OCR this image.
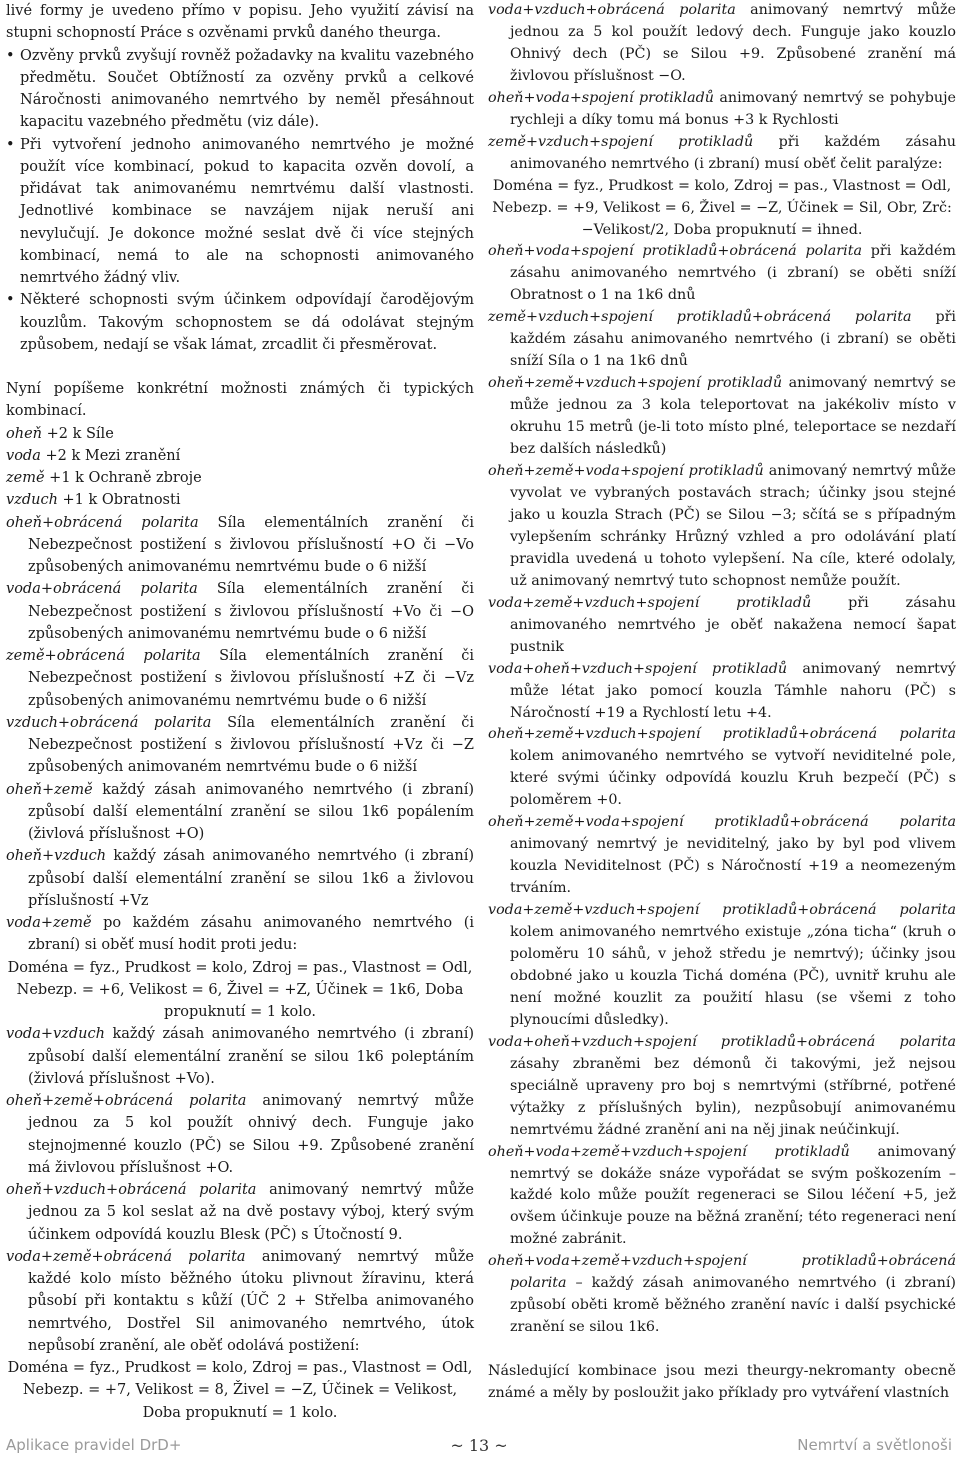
livé formy je uvedeno přímo v popisu. Jeho využití závisí na stupni schopností Práce s ozvěnami prvků daného theurga.

• Ozvěny prvků zvyšují rovněž požadavky na kvalitu vazebného předmětu. Součet Obtížností za ozvěny prvků a celkové Náročnosti animovaného nemrtvého by neměl přesáhnout kapacitu vazebného předmětu (viz dále).

• Při vytvoření jednoho animovaného nemrtvého je možné použít více kombinací, pokud to kapacita ozvěn dovolí, a přidávat tak animovanému nemrtvému další vlastnosti. Jednotlivé kombinace se navzájem nijak neruší ani nevylučují. Je dokonce možné seslat dvě či více stejných kombinací, nemá to ale na schopnosti animovaného nemrtvého žádný vliv.

• Některé schopnosti svým účinkem odpovídají čarodějovým kouzlům. Takovým schopnostem se dá odolávat stejným způsobem, nedají se však lámat, zrcadlit či přesměrovat.

Nyní popíšeme konkrétní možnosti známých či typických kombinací.

oheň +2 k Síle

voda +2 k Mezi zranění

země +1 k Ochraně zbroje

vzduch +1 k Obratnosti

oheň+obrácená polarita Síla elementálních zranění či Nebezpečnost postižení s živlovou příslušností +O či −Vo způsobených animovanému nemrtvému bude o 6 nižší

voda+obrácená polarita Síla elementálních zranění či Nebezpečnost postižení s živlovou příslušností +Vo či −O způsobených animovanému nemrtvému bude o 6 nižší

země+obrácená polarita Síla elementálních zranění či Nebezpečnost postižení s živlovou příslušností +Z či −Vz způsobených animovanému nemrtvému bude o 6 nižší

vzduch+obrácená polarita Síla elementálních zranění či Nebezpečnost postižení s živlovou příslušností +Vz či −Z způsobených animovaném nemrtvému bude o 6 nižší

oheň+země každý zásah animovaného nemrtvého (i zbraní) způsobí další elementální zranění se silou 1k6 popálením (živlová příslušnost +O)

oheň+vzduch každý zásah animovaného nemrtvého (i zbraní) způsobí další elementální zranění se silou 1k6 a živlovou příslušností +Vz

voda+země po každém zásahu animovaného nemrtvého (i zbraní) si oběť musí hodit proti jedu:

Doména = fyz., Prudkost = kolo, Zdroj = pas., Vlastnost = Odl, Nebezp. = +6, Velikost = 6, Živel = +Z, Účinek = 1k6, Doba propuknutí = 1 kolo.

voda+vzduch každý zásah animovaného nemrtvého (i zbraní) způsobí další elementální zranění se silou 1k6 poleptáním (živlová příslušnost +Vo).

oheň+země+obrácená polarita animovaný nemrtvý může jednou za 5 kol použít ohnivý dech. Funguje jako stejnojmenné kouzlo (PČ) se Silou +9. Způsobené zranění má živlovou příslušnost +O.

oheň+vzduch+obrácená polarita animovaný nemrtvý může jednou za 5 kol seslat až na dvě postavy výboj, který svým účinkem odpovídá kouzlu Blesk (PČ) s Útočností 9.

voda+země+obrácená polarita animovaný nemrtvý může každé kolo místo běžného útoku plivnout žíravinu, která působí při kontaktu s kůží (ÚČ 2 + Střelba animovaného nemrtvého, Dostřel Sil animovaného nemrtvého, útok nepůsobí zranění, ale oběť odolává postižení:

Doména = fyz., Prudkost = kolo, Zdroj = pas., Vlastnost = Odl, Nebezp. = +7, Velikost = 8, Živel = −Z, Účinek = Velikost, Doba propuknutí = 1 kolo.

voda+vzduch+obrácená polarita animovaný nemrtvý může jednou za 5 kol použít ledový dech. Funguje jako kouzlo Ohnivý dech (PČ) se Silou +9. Způsobené zranění má živlovou příslušnost −O.

oheň+voda+spojení protikladů animovaný nemrtvý se pohybuje rychleji a díky tomu má bonus +3 k Rychlosti

země+vzduch+spojení protikladů při každém zásahu animovaného nemrtvého (i zbraní) musí oběť čelit paralýze:

Doména = fyz., Prudkost = kolo, Zdroj = pas., Vlastnost = Odl, Nebezp. = +9, Velikost = 6, Živel = −Z, Účinek = Sil, Obr, Zrč: −Velikost/2, Doba propuknutí = ihned.

oheň+voda+spojení protikladů+obrácená polarita při každém zásahu animovaného nemrtvého (i zbraní) se oběti sníží Obratnost o 1 na 1k6 dnů

země+vzduch+spojení protikladů+obrácená polarita při každém zásahu animovaného nemrtvého (i zbraní) se oběti sníží Síla o 1 na 1k6 dnů

oheň+země+vzduch+spojení protikladů animovaný nemrtvý se může jednou za 3 kola teleportovat na jakékoliv místo v okruhu 15 metrů (je-li toto místo plné, teleportace se nezdaří bez dalších následků)

oheň+země+voda+spojení protikladů animovaný nemrtvý může vyvolat ve vybraných postavách strach; účinky jsou stejné jako u kouzla Strach (PČ) se Silou −3; sčítá se s případným vylepšením schránky Hrůzný vzhled a pro odolávání platí pravidla uvedená u tohoto vylepšení. Na cíle, které odolaly, už animovaný nemrtvý tuto schopnost nemůže použít.

voda+země+vzduch+spojení protikladů při zásahu animovaného nemrtvého je oběť nakažena nemocí šapat pustnik

voda+oheň+vzduch+spojení protikladů animovaný nemrtvý může létat jako pomocí kouzla Támhle nahoru (PČ) s Náročností +19 a Rychlostí letu +4.

oheň+země+vzduch+spojení protikladů+obrácená polarita kolem animovaného nemrtvého se vytvoří neviditelné pole, které svými účinky odpovídá kouzlu Kruh bezpečí (PČ) s poloměrem +0.

oheň+země+voda+spojení protikladů+obrácená polarita animovaný nemrtvý je neviditelný, jako by byl pod vlivem kouzla Neviditelnost (PČ) s Náročností +19 a neomezeným trváním.

voda+země+vzduch+spojení protikladů+obrácená polarita kolem animovaného nemrtvého existuje „zóna ticha“ (kruh o poloměru 10 sáhů, v jehož středu je nemrtvý); účinky jsou obdobné jako u kouzla Tichá doména (PČ), uvnitř kruhu ale není možné kouzlit za použití hlasu (se všemi z toho plynoucími důsledky).

voda+oheň+vzduch+spojení protikladů+obrácená polarita zásahy zbraněmi bez démonů či takovými, jež nejsou speciálně upraveny pro boj s nemrtvými (stříbrné, potřené výtažky z příslušných bylin), nezpůsobují animovanému nemrtvému žádné zranění ani na něj jinak neúčinkují.

oheň+voda+země+vzduch+spojení protikladů animovaný nemrtvý se dokáže snáze vypořádat se svým poškozením – každé kolo může použít regeneraci se Silou léčení +5, jež ovšem účinkuje pouze na běžná zranění; této regeneraci není možné zabránit.

oheň+voda+země+vzduch+spojení protikladů+obrácená polarita – každý zásah animovaného nemrtvého (i zbraní) způsobí oběti kromě běžného zranění navíc i další psychické zranění se silou 1k6.

Následující kombinace jsou mezi theurgy-nekromanty obecně známé a měly by posloužit jako příklady pro vytváření vlastních

Aplikace pravidel DrD+	~ 13 ~	Nemrtví a světlonoši
